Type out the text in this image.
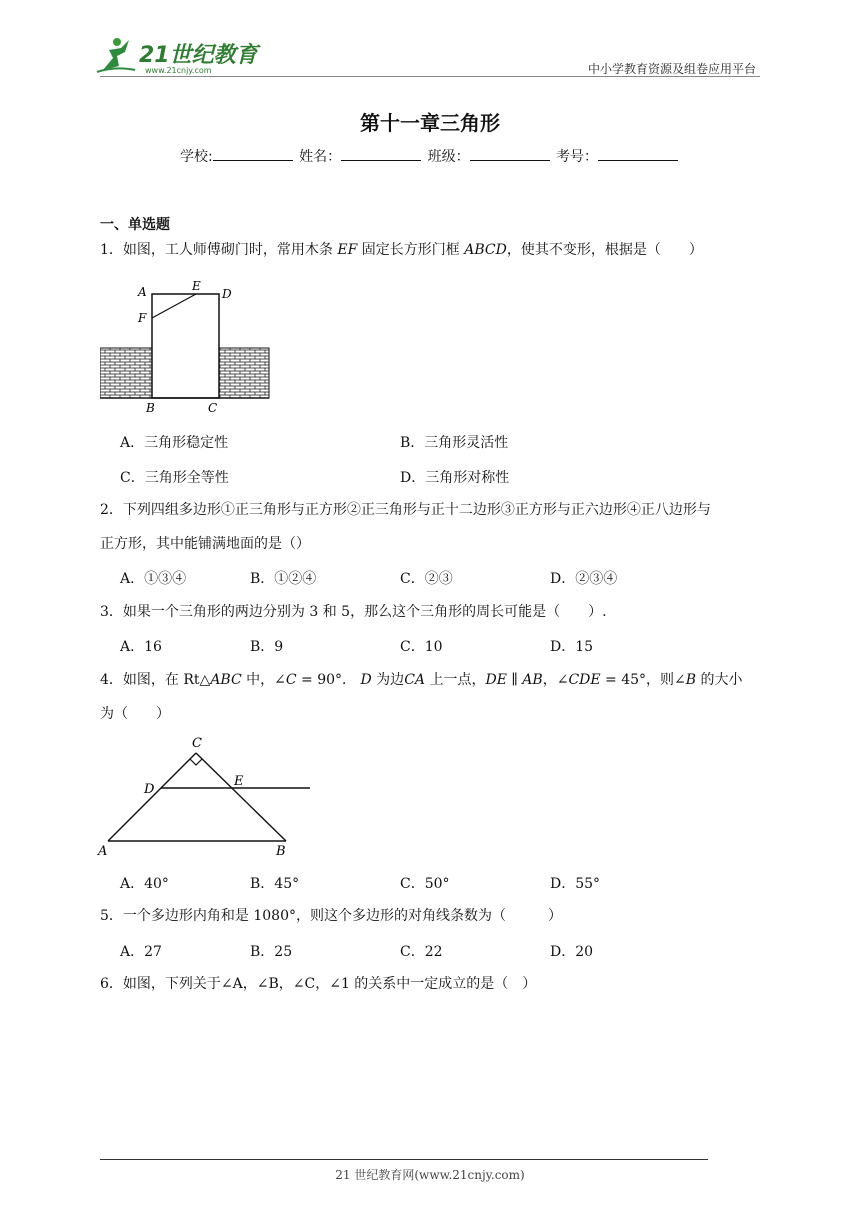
21世纪教育
www.21cnjy.com	中小学教育资源及组卷应用平台
第十一章三角形
学校:	姓名：	班级：	考号：
一、单选题
1．如图，工人师傅砌门时，常用木条 EF 固定长方形门框 ABCD，使其不变形，根据是（　　）
A	E
D
F
B	C
A．三角形稳定性	B．三角形灵活性
C．三角形全等性	D．三角形对称性
2．下列四组多边形①正三角形与正方形②正三角形与正十二边形③正方形与正六边形④正八边形与
正方形，其中能铺满地面的是（）
A．①③④	B．①②④	C．②③	D．②③④
3．如果一个三角形的两边分别为 3 和 5，那么这个三角形的周长可能是（　　）.
A．16	B．9	C．10	D．15
4．如图，在 Rt△ABC 中，∠C = 90°． D 为边CA 上一点，DE ∥ AB，∠CDE = 45°，则∠B 的大小
为（　　）
C
D
E
A	B
A．40°	B．45°	C．50°	D．55°
5．一个多边形内角和是 1080°，则这个多边形的对角线条数为（　　　）
A．27	B．25	C．22	D．20
6．如图，下列关于∠A，∠B，∠C，∠1 的关系中一定成立的是（　）
21 世纪教育网(www.21cnjy.com)
